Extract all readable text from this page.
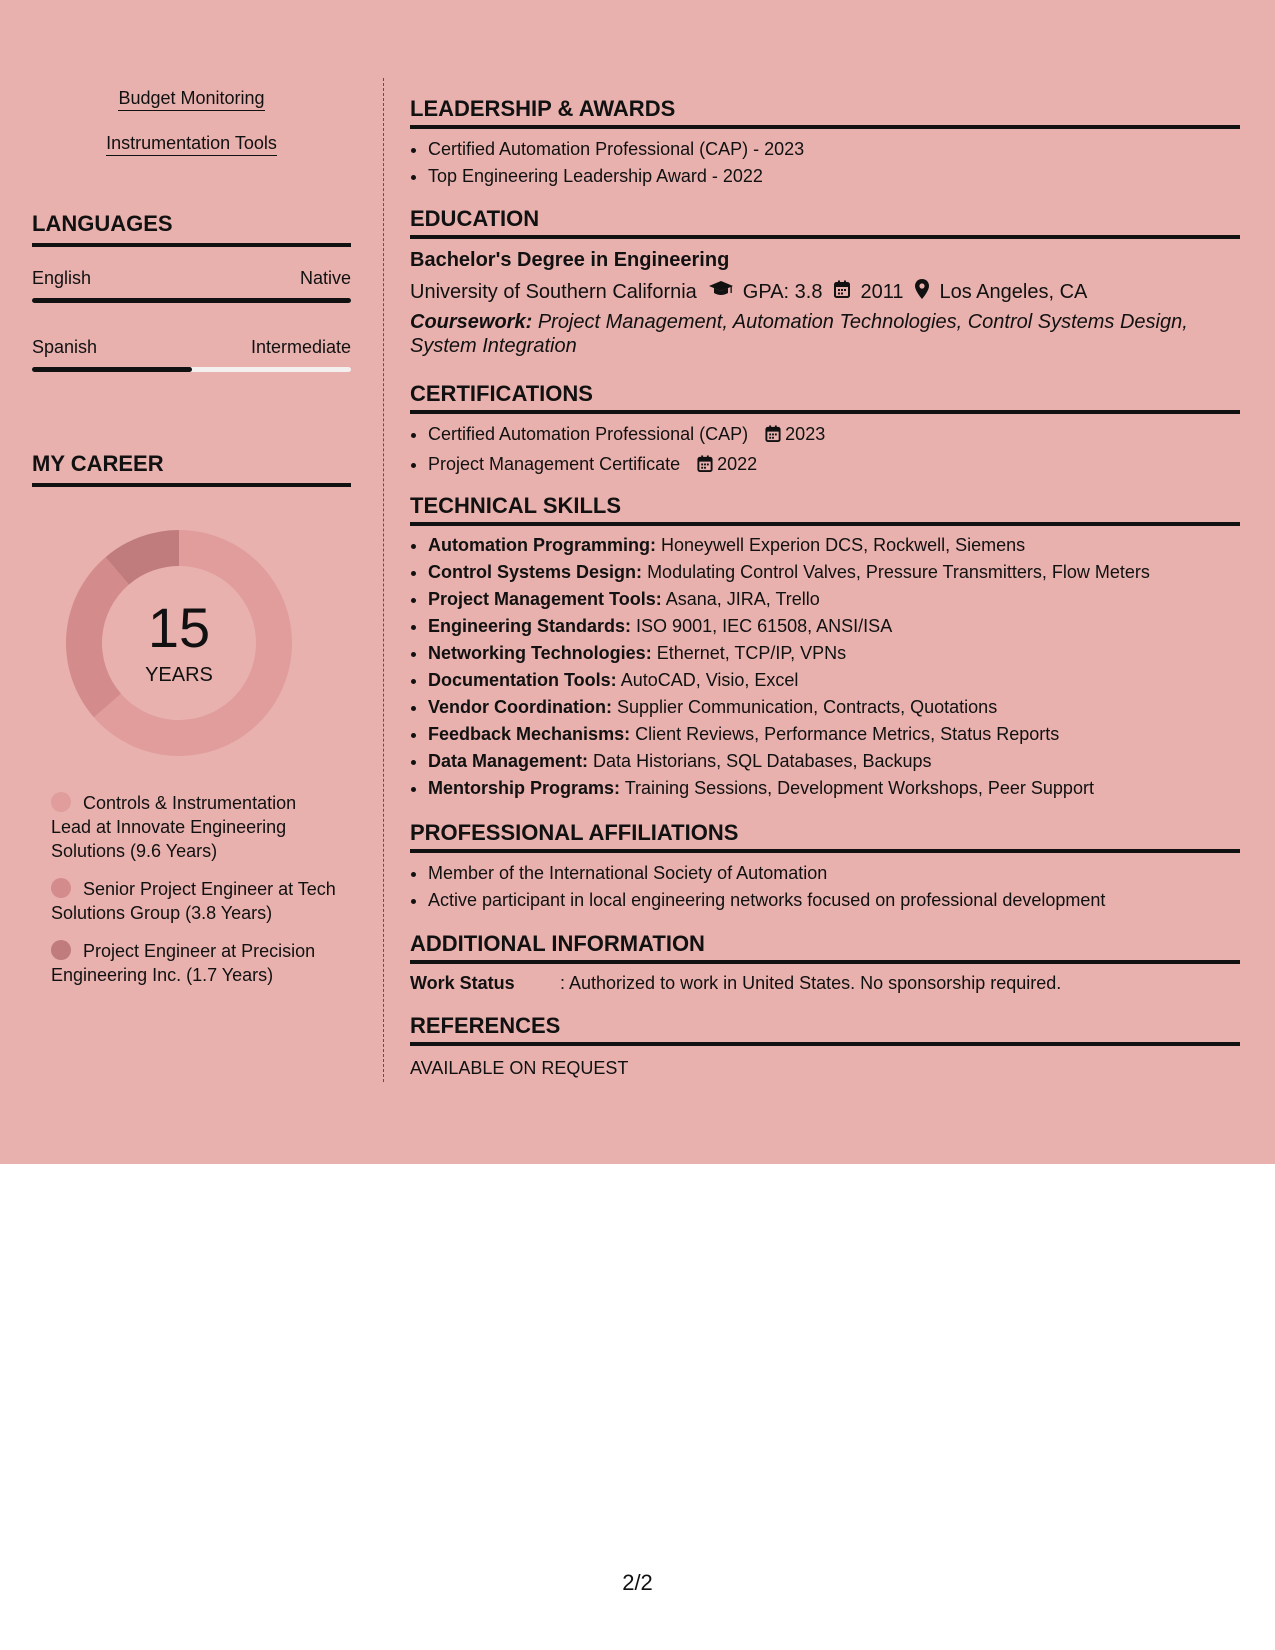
Budget Monitoring
Instrumentation Tools
LANGUAGES
English	Native
Spanish	Intermediate
MY CAREER
15
YEARS
Controls & Instrumentation Lead at Innovate Engineering Solutions (9.6 Years)
Senior Project Engineer at Tech Solutions Group (3.8 Years)
Project Engineer at Precision Engineering Inc. (1.7 Years)
LEADERSHIP & AWARDS
• Certified Automation Professional (CAP) - 2023
• Top Engineering Leadership Award - 2022
EDUCATION
Bachelor's Degree in Engineering
University of Southern California GPA: 3.8 2011 Los Angeles, CA
Coursework: Project Management, Automation Technologies, Control Systems Design, System Integration
CERTIFICATIONS
• Certified Automation Professional (CAP) 2023
• Project Management Certificate 2022
TECHNICAL SKILLS
• Automation Programming: Honeywell Experion DCS, Rockwell, Siemens
• Control Systems Design: Modulating Control Valves, Pressure Transmitters, Flow Meters
• Project Management Tools: Asana, JIRA, Trello
• Engineering Standards: ISO 9001, IEC 61508, ANSI/ISA
• Networking Technologies: Ethernet, TCP/IP, VPNs
• Documentation Tools: AutoCAD, Visio, Excel
• Vendor Coordination: Supplier Communication, Contracts, Quotations
• Feedback Mechanisms: Client Reviews, Performance Metrics, Status Reports
• Data Management: Data Historians, SQL Databases, Backups
• Mentorship Programs: Training Sessions, Development Workshops, Peer Support
PROFESSIONAL AFFILIATIONS
• Member of the International Society of Automation
• Active participant in local engineering networks focused on professional development
ADDITIONAL INFORMATION
Work Status	: Authorized to work in United States. No sponsorship required.
REFERENCES
AVAILABLE ON REQUEST
2/2
